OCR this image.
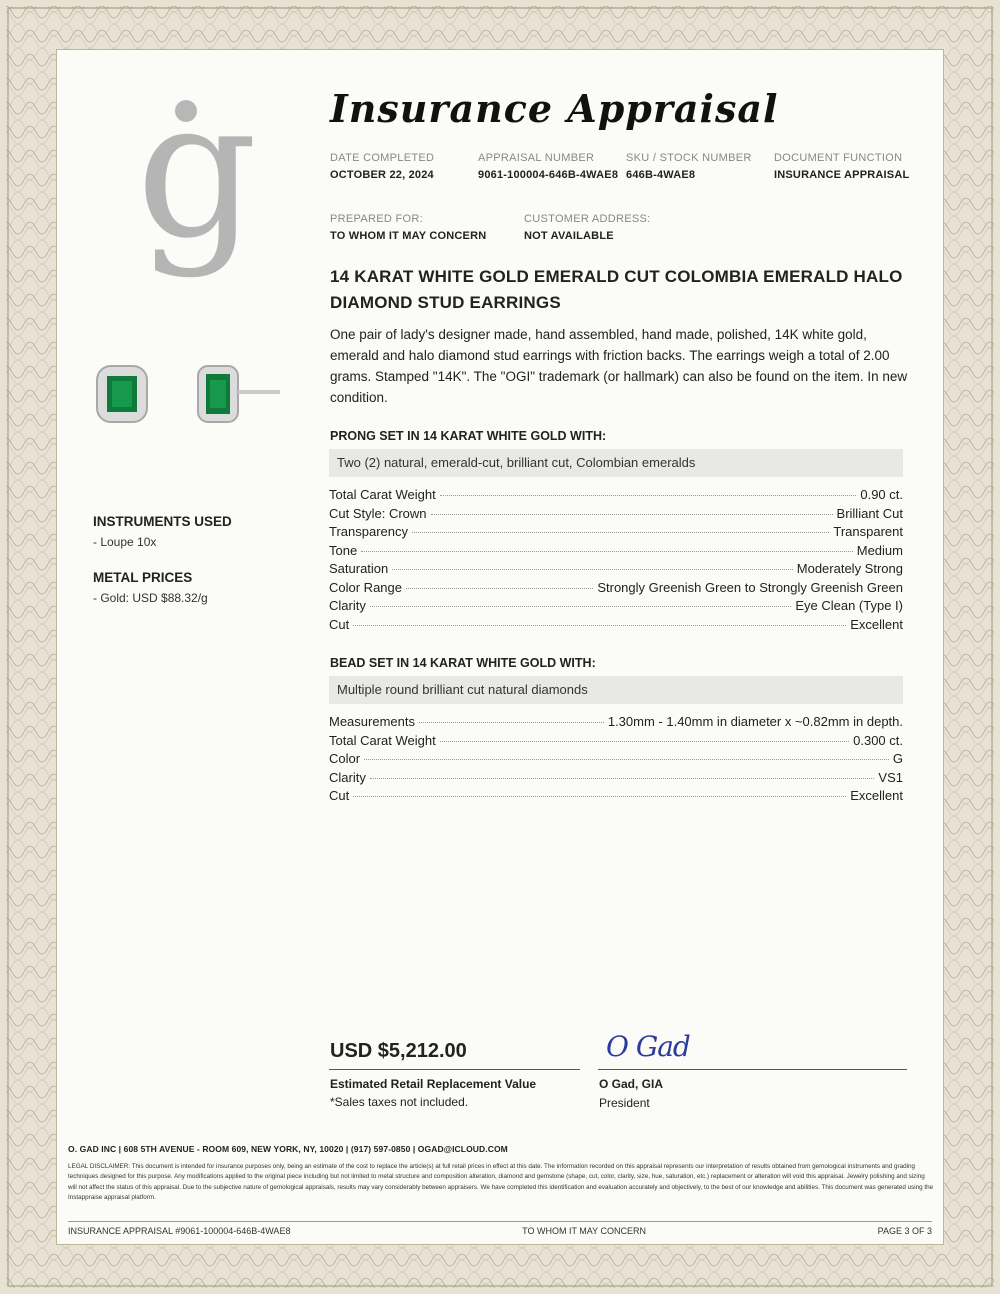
g Insurance Appraisal
DATE COMPLETED
OCTOBER 22, 2024
APPRAISAL NUMBER
9061-100004-646B-4WAE8
SKU / STOCK NUMBER
646B-4WAE8
DOCUMENT FUNCTION
INSURANCE APPRAISAL
PREPARED FOR:
TO WHOM IT MAY CONCERN
CUSTOMER ADDRESS:
NOT AVAILABLE
14 KARAT WHITE GOLD EMERALD CUT COLOMBIA EMERALD HALO DIAMOND STUD EARRINGS
One pair of lady's designer made, hand assembled, hand made, polished, 14K white gold, emerald and halo diamond stud earrings with friction backs. The earrings weigh a total of 2.00 grams. Stamped "14K". The "OGI" trademark (or hallmark) can also be found on the item. In new condition.
PRONG SET IN 14 KARAT WHITE GOLD WITH:
Two (2) natural, emerald-cut, brilliant cut, Colombian emeralds
Total Carat Weight	0.90 ct.
Cut Style: Crown	Brilliant Cut
Transparency	Transparent
Tone	Medium
Saturation	Moderately Strong
Color Range	Strongly Greenish Green to Strongly Greenish Green
Clarity	Eye Clean (Type I)
Cut	Excellent
BEAD SET IN 14 KARAT WHITE GOLD WITH:
Multiple round brilliant cut natural diamonds
Measurements	1.30mm - 1.40mm in diameter x ~0.82mm in depth.
Total Carat Weight	0.300 ct.
Color	G
Clarity	VS1
Cut	Excellent
INSTRUMENTS USED
- Loupe 10x
METAL PRICES
- Gold: USD $88.32/g
USD $5,212.00
Estimated Retail Replacement Value
*Sales taxes not included.
O Gad
O Gad, GIA
President
O. GAD INC | 608 5TH AVENUE - ROOM 609, NEW YORK, NY, 10020 | (917) 597-0850 | OGAD@ICLOUD.COM
LEGAL DISCLAIMER: This document is intended for insurance purposes only, being an estimate of the cost to replace the article(s) at full retail prices in effect at this date. The information recorded on this appraisal represents our interpretation of results obtained from gemological instruments and grading techniques designed for this purpose. Any modifications applied to the original piece including but not limited to metal structure and composition alteration, diamond and gemstone (shape, cut, color, clarity, size, hue, saturation, etc.) replacement or alteration will void this appraisal. Jewelry polishing and sizing will not affect the status of this appraisal. Due to the subjective nature of gemological appraisals, results may vary considerably between appraisers. We have completed this identification and evaluation accurately and objectively, to the best of our knowledge and abilities. This document was generated using the Instappraise appraisal platform.
INSURANCE APPRAISAL #9061-100004-646B-4WAE8	TO WHOM IT MAY CONCERN	PAGE 3 OF 3
